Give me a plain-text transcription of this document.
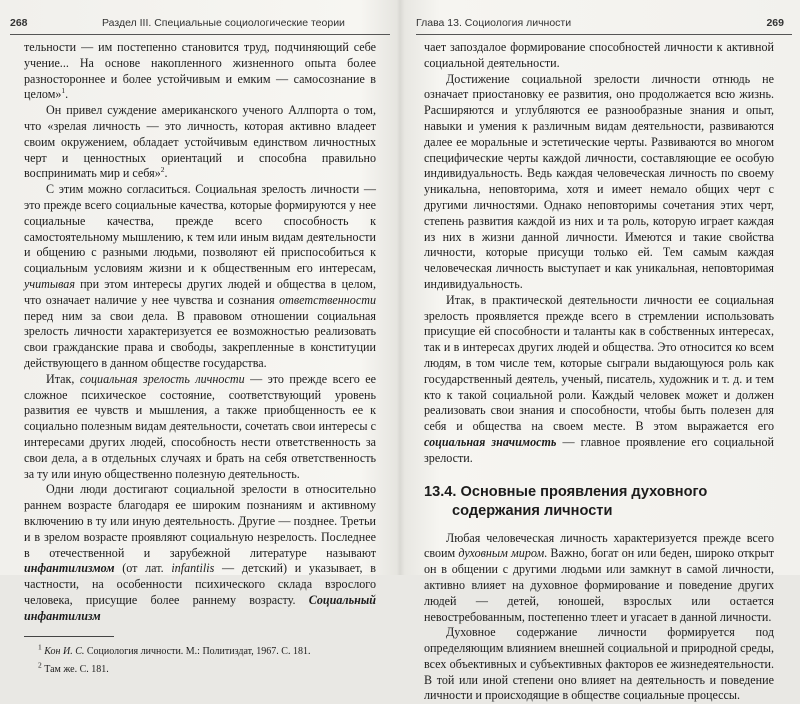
268	Раздел III. Специальные социологические теории

тельности — им постепенно становится труд, подчиняющий себе учение... На основе накопленного жизненного опыта более разностороннее и более устойчивым и емким — самосознание в целом»$^1$.

Он привел суждение американского ученого Аллпорта о том, что «зрелая личность — это личность, которая активно владеет своим окружением, обладает устойчивым единством личностных черт и ценностных ориентаций и способна правильно воспринимать мир и себя»$^2$.

С этим можно согласиться. Социальная зрелость личности — это прежде всего социальные качества, которые формируются у нее социальные качества, прежде всего способность к самостоятельному мышлению, к тем или иным видам деятельности и общению с разными людьми, позволяют ей приспособиться к социальным условиям жизни и к общественным его интересам, учитывая при этом интересы других людей и общества в целом, что означает наличие у нее чувства и сознания ответственности перед ним за свои дела. В правовом отношении социальная зрелость личности характеризуется ее возможностью реализовать свои гражданские права и свободы, закрепленные в конституции действующего в данном обществе государства.

Итак, социальная зрелость личности — это прежде всего ее сложное психическое состояние, соответствующий уровень развития ее чувств и мышления, а также приобщенность ее к социально полезным видам деятельности, сочетать свои интересы с интересами других людей, способность нести ответственность за свои дела, а в отдельных случаях и брать на себя ответственность за ту или иную общественно полезную деятельность.

Одни люди достигают социальной зрелости в относительно раннем возрасте благодаря ее широким познаниям и активному включению в ту или иную деятельность. Другие — позднее. Третьи и в зрелом возрасте проявляют социальную незрелость. Последнее в отечественной и зарубежной литературе называют инфантилизмом (от лат. infantilis — детский) и указывает, в частности, на особенности психического склада взрослого человека, присущие более раннему возрасту. Социальный инфантилизм

$^1$ Кон И. С. Социология личности. М.: Политиздат, 1967. С. 181.

$^2$ Там же. С. 181.

Глава 13. Социология личности	269

чает запоздалое формирование способностей личности к активной социальной деятельности.

Достижение социальной зрелости личности отнюдь не означает приостановку ее развития, оно продолжается всю жизнь. Расширяются и углубляются ее разнообразные знания и опыт, навыки и умения к различным видам деятельности, развиваются далее ее моральные и эстетические черты. Развиваются во многом специфические черты каждой личности, составляющие ее особую индивидуальность. Ведь каждая человеческая личность по своему уникальна, неповторима, хотя и имеет немало общих черт с другими личностями. Однако неповторимы сочетания этих черт, степень развития каждой из них и та роль, которую играет каждая из них в жизни данной личности. Имеются и такие свойства личности, которые присущи только ей. Тем самым каждая человеческая личность выступает и как уникальная, неповторимая индивидуальность.

Итак, в практической деятельности личности ее социальная зрелость проявляется прежде всего в стремлении использовать присущие ей способности и таланты как в собственных интересах, так и в интересах других людей и общества. Это относится ко всем людям, в том числе тем, которые сыграли выдающуюся роль как государственный деятель, ученый, писатель, художник и т. д. и тем кто к такой социальной роли. Каждый человек может и должен реализовать свои знания и способности, чтобы быть полезен для себя и общества на своем месте. В этом выражается его социальная значимость — главное проявление его социальной зрелости.

13.4. Основные проявления духовного содержания личности

Любая человеческая личность характеризуется прежде всего своим духовным миром. Важно, богат он или беден, широко открыт он в общении с другими людьми или замкнут в самой личности, активно влияет на духовное формирование и поведение других людей — детей, юношей, взрослых или остается невостребованным, постепенно тлеет и угасает в данной личности.

Духовное содержание личности формируется под определяющим влиянием внешней социальной и природной среды, всех объективных и субъективных факторов ее жизнедеятельности. В той или иной степени оно влияет на деятельность и поведение личности и происходящие в обществе социальные процессы.
